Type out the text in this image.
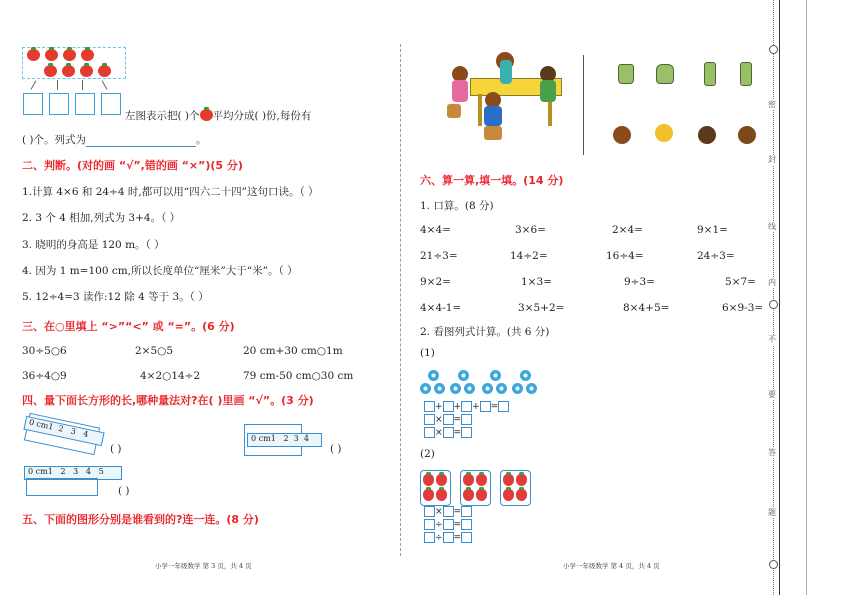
密
封
线
内
不
要
答
题
左图表示把( )个 平均分成( )份,每份有
( )个。列式为	。
二、判断。(对的画 “√”,错的画 “×”)(5 分)
1.计算 4×6 和 24÷4 时,都可以用“四六二十四”这句口诀。（ ）
2. 3 个 4 相加,列式为 3+4。（ ）
3. 晓明的身高是 120 m。（ ）
4. 因为 1 m=100 cm,所以长度单位“厘米”大于“米”。（ ）
5. 12÷4=3 读作:12 除 4 等于 3。（ ）
三、在○里填上 “>”“<” 或 “=”。(6 分)
30÷5○6	2×5○5	20 cm+30 cm○1m
36÷4○9	4×2○14÷2	79 cm-50 cm○30 cm
四、量下面长方形的长,哪种量法对?在( )里画 “√”。(3 分)
0 cm1 2 3 4
( )
0 cm1 2 3 4
( )
0 cm1 2 3 4 5
( )
五、下面的图形分别是谁看到的?连一连。(8 分)
小学一年级数学 第 3 页，共 4 页
六、算一算,填一填。(14 分)
1. 口算。(8 分)
4×4=	3×6=	2×4=	9×1=
21÷3=	14÷2=	16÷4=	24÷3=
9×2=	1×3=	9÷3=	5×7=
4×4-1=	3×5+2=	8×4+5=	6×9-3=
2. 看图列式计算。(共 6 分)
(1)
+ + + =
× =
× =
(2)
× =
÷ =
÷ =
小学一年级数学 第 4 页，共 4 页
